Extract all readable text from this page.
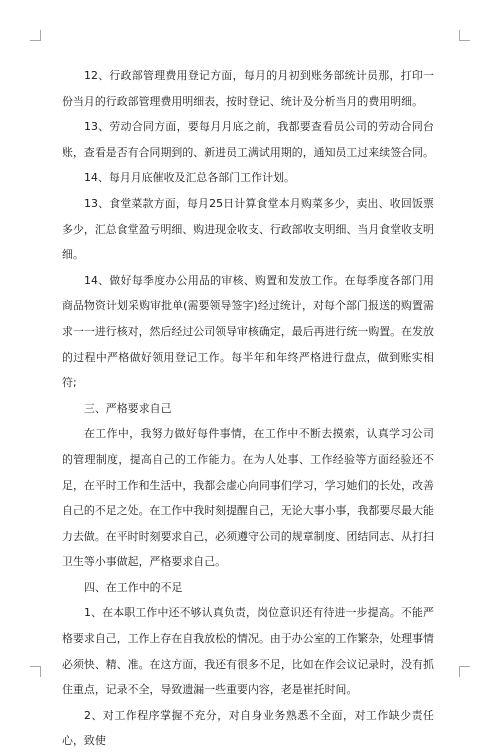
12、行政部管理费用登记方面，每月的月初到账务部统计员那，打印一份当月的行政部管理费用明细表，按时登记、统计及分析当月的费用明细。

13、劳动合同方面，要每月月底之前，我都要查看员公司的劳动合同台账，查看是否有合同期到的、新进员工满试用期的，通知员工过来续签合同。

14、每月月底催收及汇总各部门工作计划。

13、食堂菜款方面，每月25日计算食堂本月购菜多少，卖出、收回饭票多少，汇总食堂盈亏明细、购进现金收支、行政部收支明细、当月食堂收支明细。

14、做好每季度办公用品的审核、购置和发放工作。在每季度各部门用商品物资计划采购审批单(需要领导签字)经过统计，对每个部门报送的购置需求一一进行核对，然后经过公司领导审核确定，最后再进行统一购置。在发放的过程中严格做好领用登记工作。每半年和年终严格进行盘点，做到账实相符;

三、严格要求自己

在工作中，我努力做好每件事情，在工作中不断去摸索，认真学习公司的管理制度，提高自己的工作能力。在为人处事、工作经验等方面经验还不足，在平时工作和生活中，我都会虚心向同事们学习，学习她们的长处，改善自己的不足之处。在工作中我时刻提醒自己，无论大事小事，我都要尽最大能力去做。在平时时刻要求自己，必须遵守公司的规章制度、团结同志、从打扫卫生等小事做起，严格要求自己。

四、在工作中的不足

1、在本职工作中还不够认真负责，岗位意识还有待进一步提高。不能严格要求自己，工作上存在自我放松的情况。由于办公室的工作繁杂，处理事情必须快、精、准。在这方面，我还有很多不足，比如在作会议记录时，没有抓住重点，记录不全，导致遗漏一些重要内容，老是崔托时间。

2、对工作程序掌握不充分，对自身业务熟悉不全面，对工作缺少责任心，致使
